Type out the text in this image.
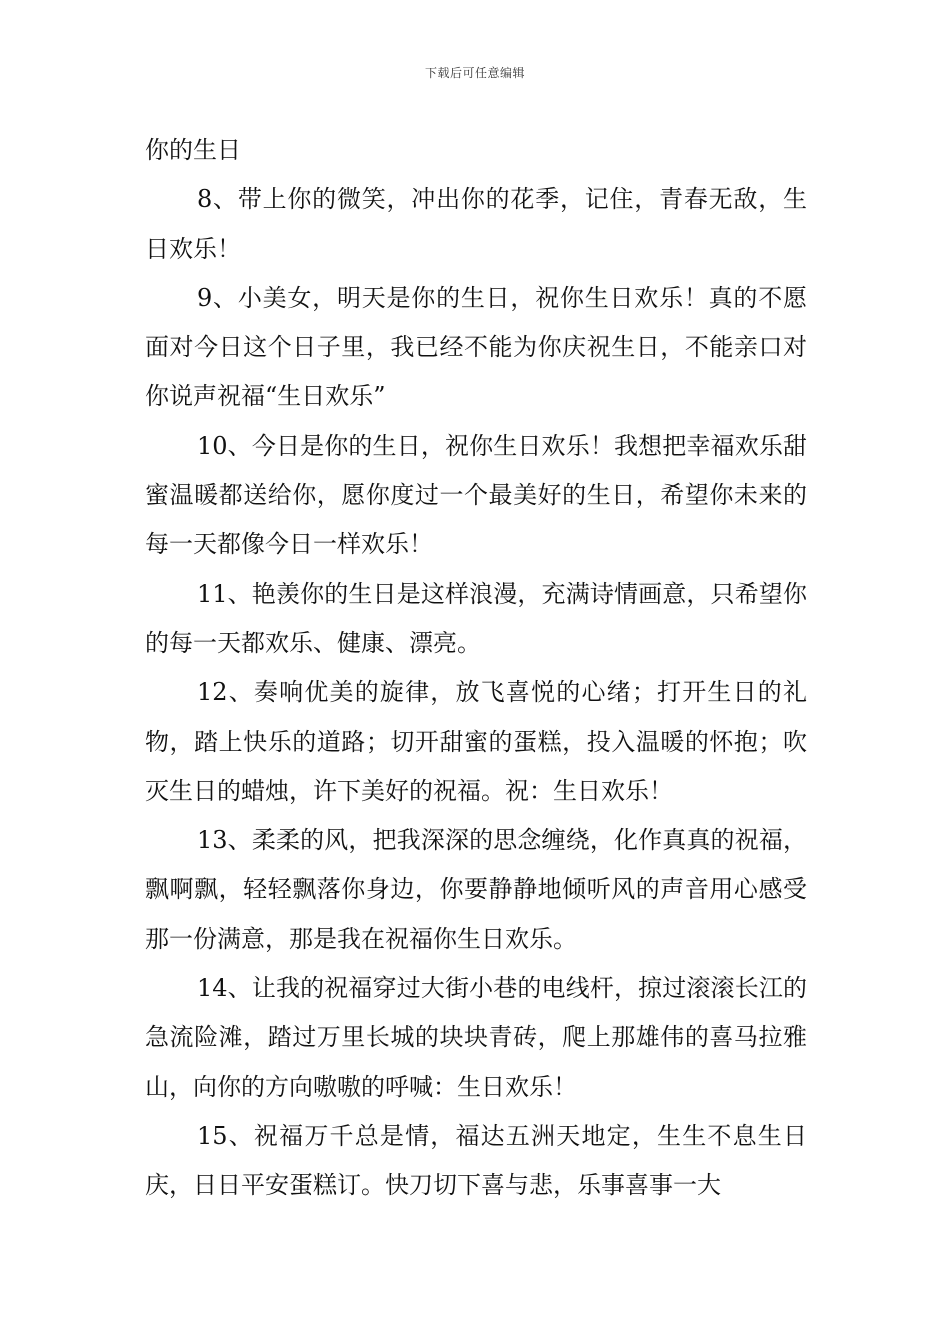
下载后可任意编辑

你的生日

8、带上你的微笑，冲出你的花季，记住，青春无敌，生日欢乐！

9、小美女，明天是你的生日，祝你生日欢乐！真的不愿面对今日这个日子里，我已经不能为你庆祝生日，不能亲口对你说声祝福“生日欢乐”

10、今日是你的生日，祝你生日欢乐！我想把幸福欢乐甜蜜温暖都送给你，愿你度过一个最美好的生日，希望你未来的每一天都像今日一样欢乐！

11、艳羡你的生日是这样浪漫，充满诗情画意，只希望你的每一天都欢乐、健康、漂亮。

12、奏响优美的旋律，放飞喜悦的心绪；打开生日的礼物，踏上快乐的道路；切开甜蜜的蛋糕，投入温暖的怀抱；吹灭生日的蜡烛，许下美好的祝福。祝：生日欢乐！

13、柔柔的风，把我深深的思念缠绕，化作真真的祝福，飘啊飘，轻轻飘落你身边，你要静静地倾听风的声音用心感受那一份满意，那是我在祝福你生日欢乐。

14、让我的祝福穿过大街小巷的电线杆，掠过滚滚长江的急流险滩，踏过万里长城的块块青砖，爬上那雄伟的喜马拉雅山，向你的方向嗷嗷的呼喊：生日欢乐！

15、祝福万千总是情，福达五洲天地定，生生不息生日庆，日日平安蛋糕订。快刀切下喜与悲，乐事喜事一大
